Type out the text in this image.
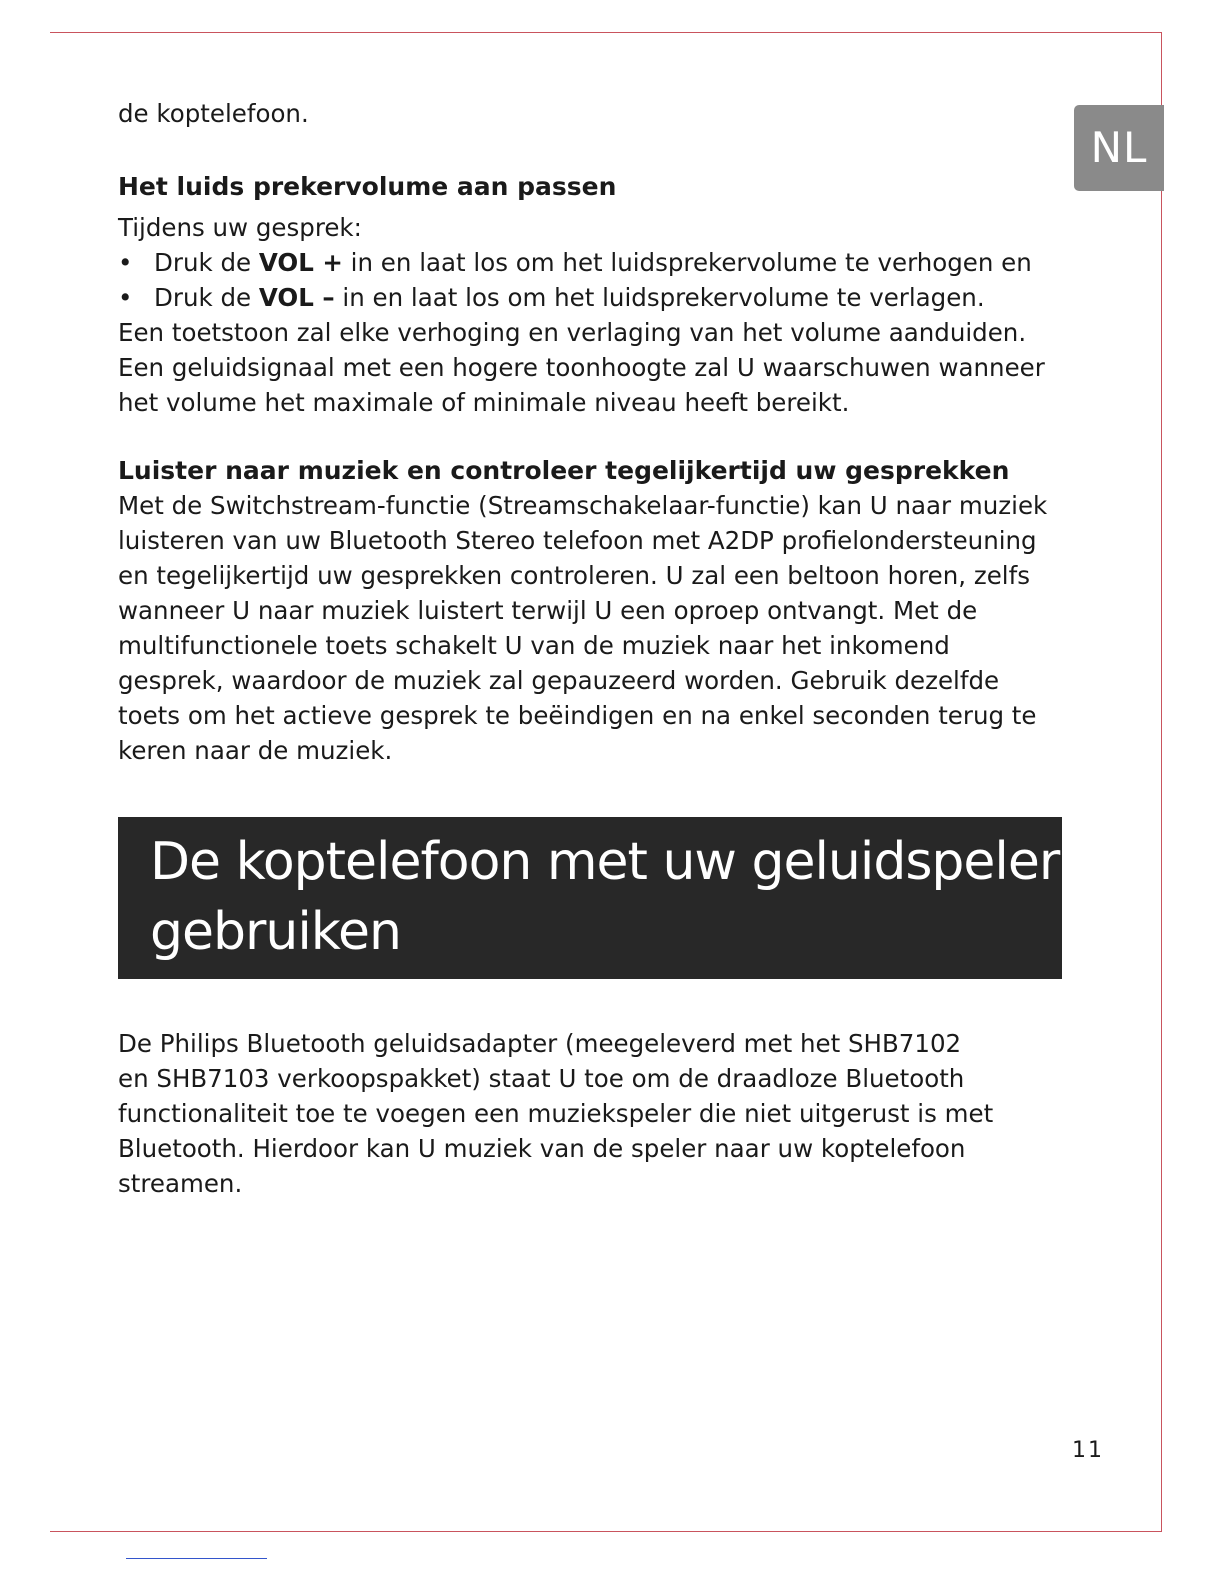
NL

de koptelefoon.

Het luids prekervolume aan passen

Tijdens uw gesprek:

• Druk de VOL + in en laat los om het luidsprekervolume te verhogen en
• Druk de VOL – in en laat los om het luidsprekervolume te verlagen.

Een toetstoon zal elke verhoging en verlaging van het volume aanduiden. Een geluidsignaal met een hogere toonhoogte zal U waarschuwen wanneer het volume het maximale of minimale niveau heeft bereikt.

Luister naar muziek en controleer tegelijkertijd uw gesprekken

Met de Switchstream-functie (Streamschakelaar-functie) kan U naar muziek luisteren van uw Bluetooth Stereo telefoon met A2DP profielondersteuning en tegelijkertijd uw gesprekken controleren. U zal een beltoon horen, zelfs wanneer U naar muziek luistert terwijl U een oproep ontvangt. Met de multifunctionele toets schakelt U van de muziek naar het inkomend gesprek, waardoor de muziek zal gepauzeerd worden. Gebruik dezelfde toets om het actieve gesprek te beëindigen en na enkel seconden terug te keren naar de muziek.

De koptelefoon met uw geluidspeler
gebruiken

De Philips Bluetooth geluidsadapter (meegeleverd met het SHB7102 en SHB7103 verkoopspakket) staat U toe om de draadloze Bluetooth functionaliteit toe te voegen een muziekspeler die niet uitgerust is met Bluetooth. Hierdoor kan U muziek van de speler naar uw koptelefoon streamen.

11
